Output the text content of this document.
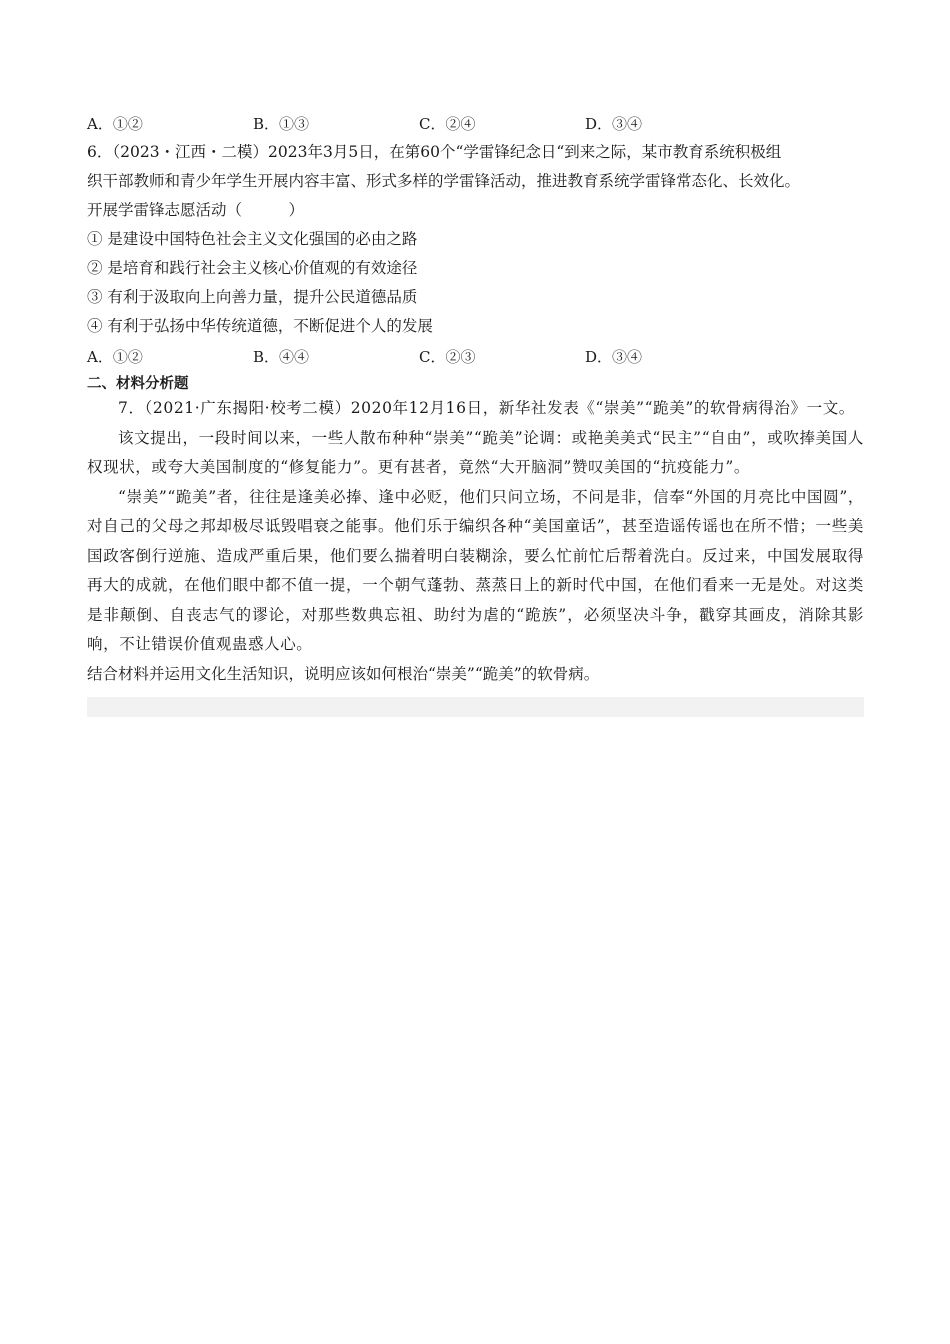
A．①②	B．①③	C．②④	D．③④
6．（2023・江西・二模）2023年3月5日，在第60个“学雷锋纪念日“到来之际，某市教育系统积极组
织干部教师和青少年学生开展内容丰富、形式多样的学雷锋活动，推进教育系统学雷锋常态化、长效化。
开展学雷锋志愿活动（　　　）
① 是建设中国特色社会主义文化强国的必由之路
② 是培育和践行社会主义核心价值观的有效途径
③ 有利于汲取向上向善力量，提升公民道德品质
④ 有利于弘扬中华传统道德，不断促进个人的发展
A．①②	B．④④	C．②③	D．③④
二、材料分析题
7．（2021·广东揭阳·校考二模）2020年12月16日，新华社发表《“崇美”“跪美”的软骨病得治》一文。
该文提出，一段时间以来，一些人散布种种“崇美”“跪美”论调：或艳美美式“民主”“自由”，或吹捧美国人权现状，或夸大美国制度的“修复能力”。更有甚者，竟然“大开脑洞”赞叹美国的“抗疫能力”。
“崇美”“跪美”者，往往是逢美必捧、逢中必贬，他们只问立场，不问是非，信奉“外国的月亮比中国圆”，对自己的父母之邦却极尽诋毁唱衰之能事。他们乐于编织各种“美国童话”，甚至造谣传谣也在所不惜；一些美国政客倒行逆施、造成严重后果，他们要么揣着明白装糊涂，要么忙前忙后帮着洗白。反过来，中国发展取得再大的成就，在他们眼中都不值一提，一个朝气蓬勃、蒸蒸日上的新时代中国，在他们看来一无是处。对这类是非颠倒、自丧志气的谬论，对那些数典忘祖、助纣为虐的“跪族”，必须坚决斗争，戳穿其画皮，消除其影响，不让错误价值观蛊惑人心。
结合材料并运用文化生活知识，说明应该如何根治“崇美”“跪美”的软骨病。
